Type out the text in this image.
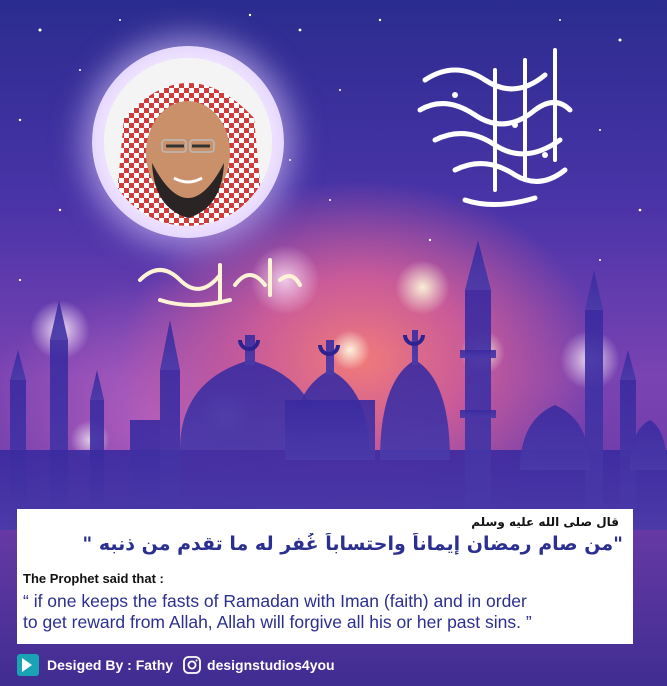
قال صلى الله عليه وسلم
"من صام رمضان إيماناً واحتساباً غُفر له ما تقدم من ذنبه "
The Prophet said that :
“ if one keeps the fasts of Ramadan with Iman (faith) and in order
to get reward from Allah, Allah will forgive all his or her past sins. ”
Desiged By : Fathy designstudios4you
